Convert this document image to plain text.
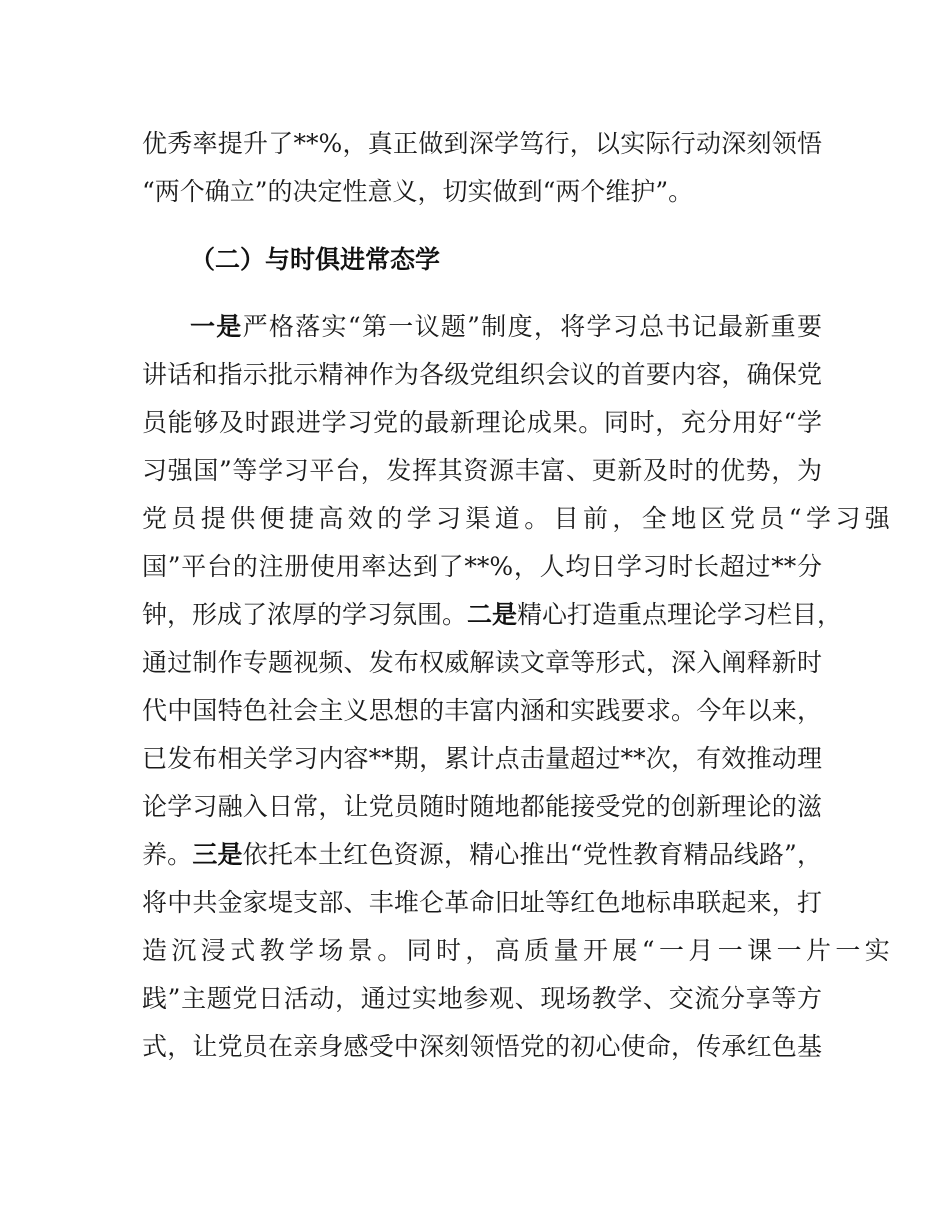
优秀率提升了**%，真正做到深学笃行，以实际行动深刻领悟
“两个确立”的决定性意义，切实做到“两个维护”。
（二）与时俱进常态学
一是严格落实“第一议题”制度，将学习总书记最新重要
讲话和指示批示精神作为各级党组织会议的首要内容，确保党
员能够及时跟进学习党的最新理论成果。同时，充分用好“学
习强国”等学习平台，发挥其资源丰富、更新及时的优势，为
党员提供便捷高效的学习渠道。目前，全地区党员“学习强
国”平台的注册使用率达到了**%，人均日学习时长超过**分
钟，形成了浓厚的学习氛围。二是精心打造重点理论学习栏目，
通过制作专题视频、发布权威解读文章等形式，深入阐释新时
代中国特色社会主义思想的丰富内涵和实践要求。今年以来，
已发布相关学习内容**期，累计点击量超过**次，有效推动理
论学习融入日常，让党员随时随地都能接受党的创新理论的滋
养。三是依托本土红色资源，精心推出“党性教育精品线路”，
将中共金家堤支部、丰堆仑革命旧址等红色地标串联起来，打
造沉浸式教学场景。同时，高质量开展“一月一课一片一实
践”主题党日活动，通过实地参观、现场教学、交流分享等方
式，让党员在亲身感受中深刻领悟党的初心使命，传承红色基
